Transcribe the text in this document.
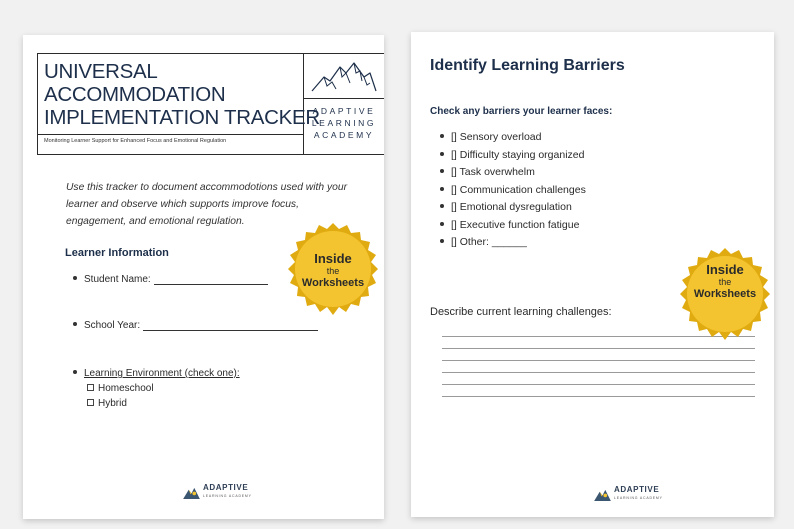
UNIVERSAL
ACCOMMODATION
IMPLEMENTATION TRACKER
Monitoring Learner Support for Enhanced Focus and Emotional Regulation
ADAPTIVE
LEARNING
ACADEMY
Use this tracker to document accommodotions used with your learner and observe which supports improve focus, engagement, and emotional regulation.
Learner Information
Student Name:
School Year:
Learning Environment (check one):
Homeschool
Hybrid
ADAPTIVE
LEARNING ACADEMY
Inside
the
Worksheets
Identify Learning Barriers
Check any barriers your learner faces:
[] Sensory overload
[] Difficulty staying organized
[] Task overwhelm
[] Communication challenges
[] Emotional dysregulation
[] Executive function fatigue
[] Other: ______
Describe current learning challenges:
ADAPTIVE
LEARNING ACADEMY
Inside
the
Worksheets
